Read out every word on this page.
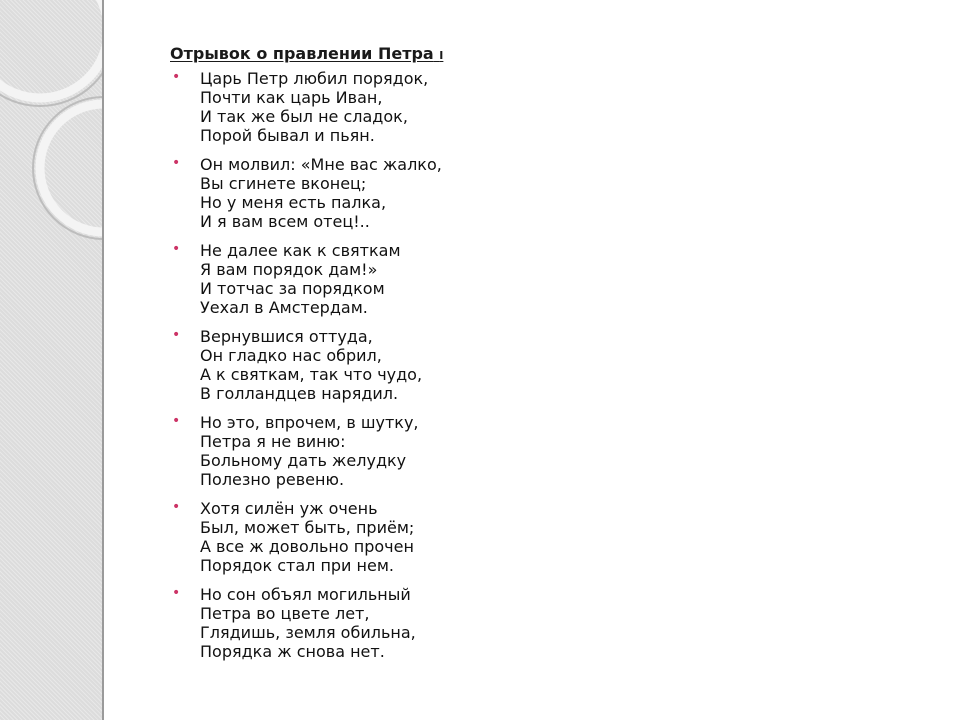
Отрывок о правлении Петра I
• Царь Петр любил порядок,
Почти как царь Иван,
И так же был не сладок,
Порой бывал и пьян.
• Он молвил: «Мне вас жалко,
Вы сгинете вконец;
Но у меня есть палка,
И я вам всем отец!..
• Не далее как к святкам
Я вам порядок дам!»
И тотчас за порядком
Уехал в Амстердам.
• Вернувшися оттуда,
Он гладко нас обрил,
А к святкам, так что чудо,
В голландцев нарядил.
• Но это, впрочем, в шутку,
Петра я не виню:
Больному дать желудку
Полезно ревеню.
• Хотя силён уж очень
Был, может быть, приём;
А все ж довольно прочен
Порядок стал при нем.
• Но сон объял могильный
Петра во цвете лет,
Глядишь, земля обильна,
Порядка ж снова нет.
